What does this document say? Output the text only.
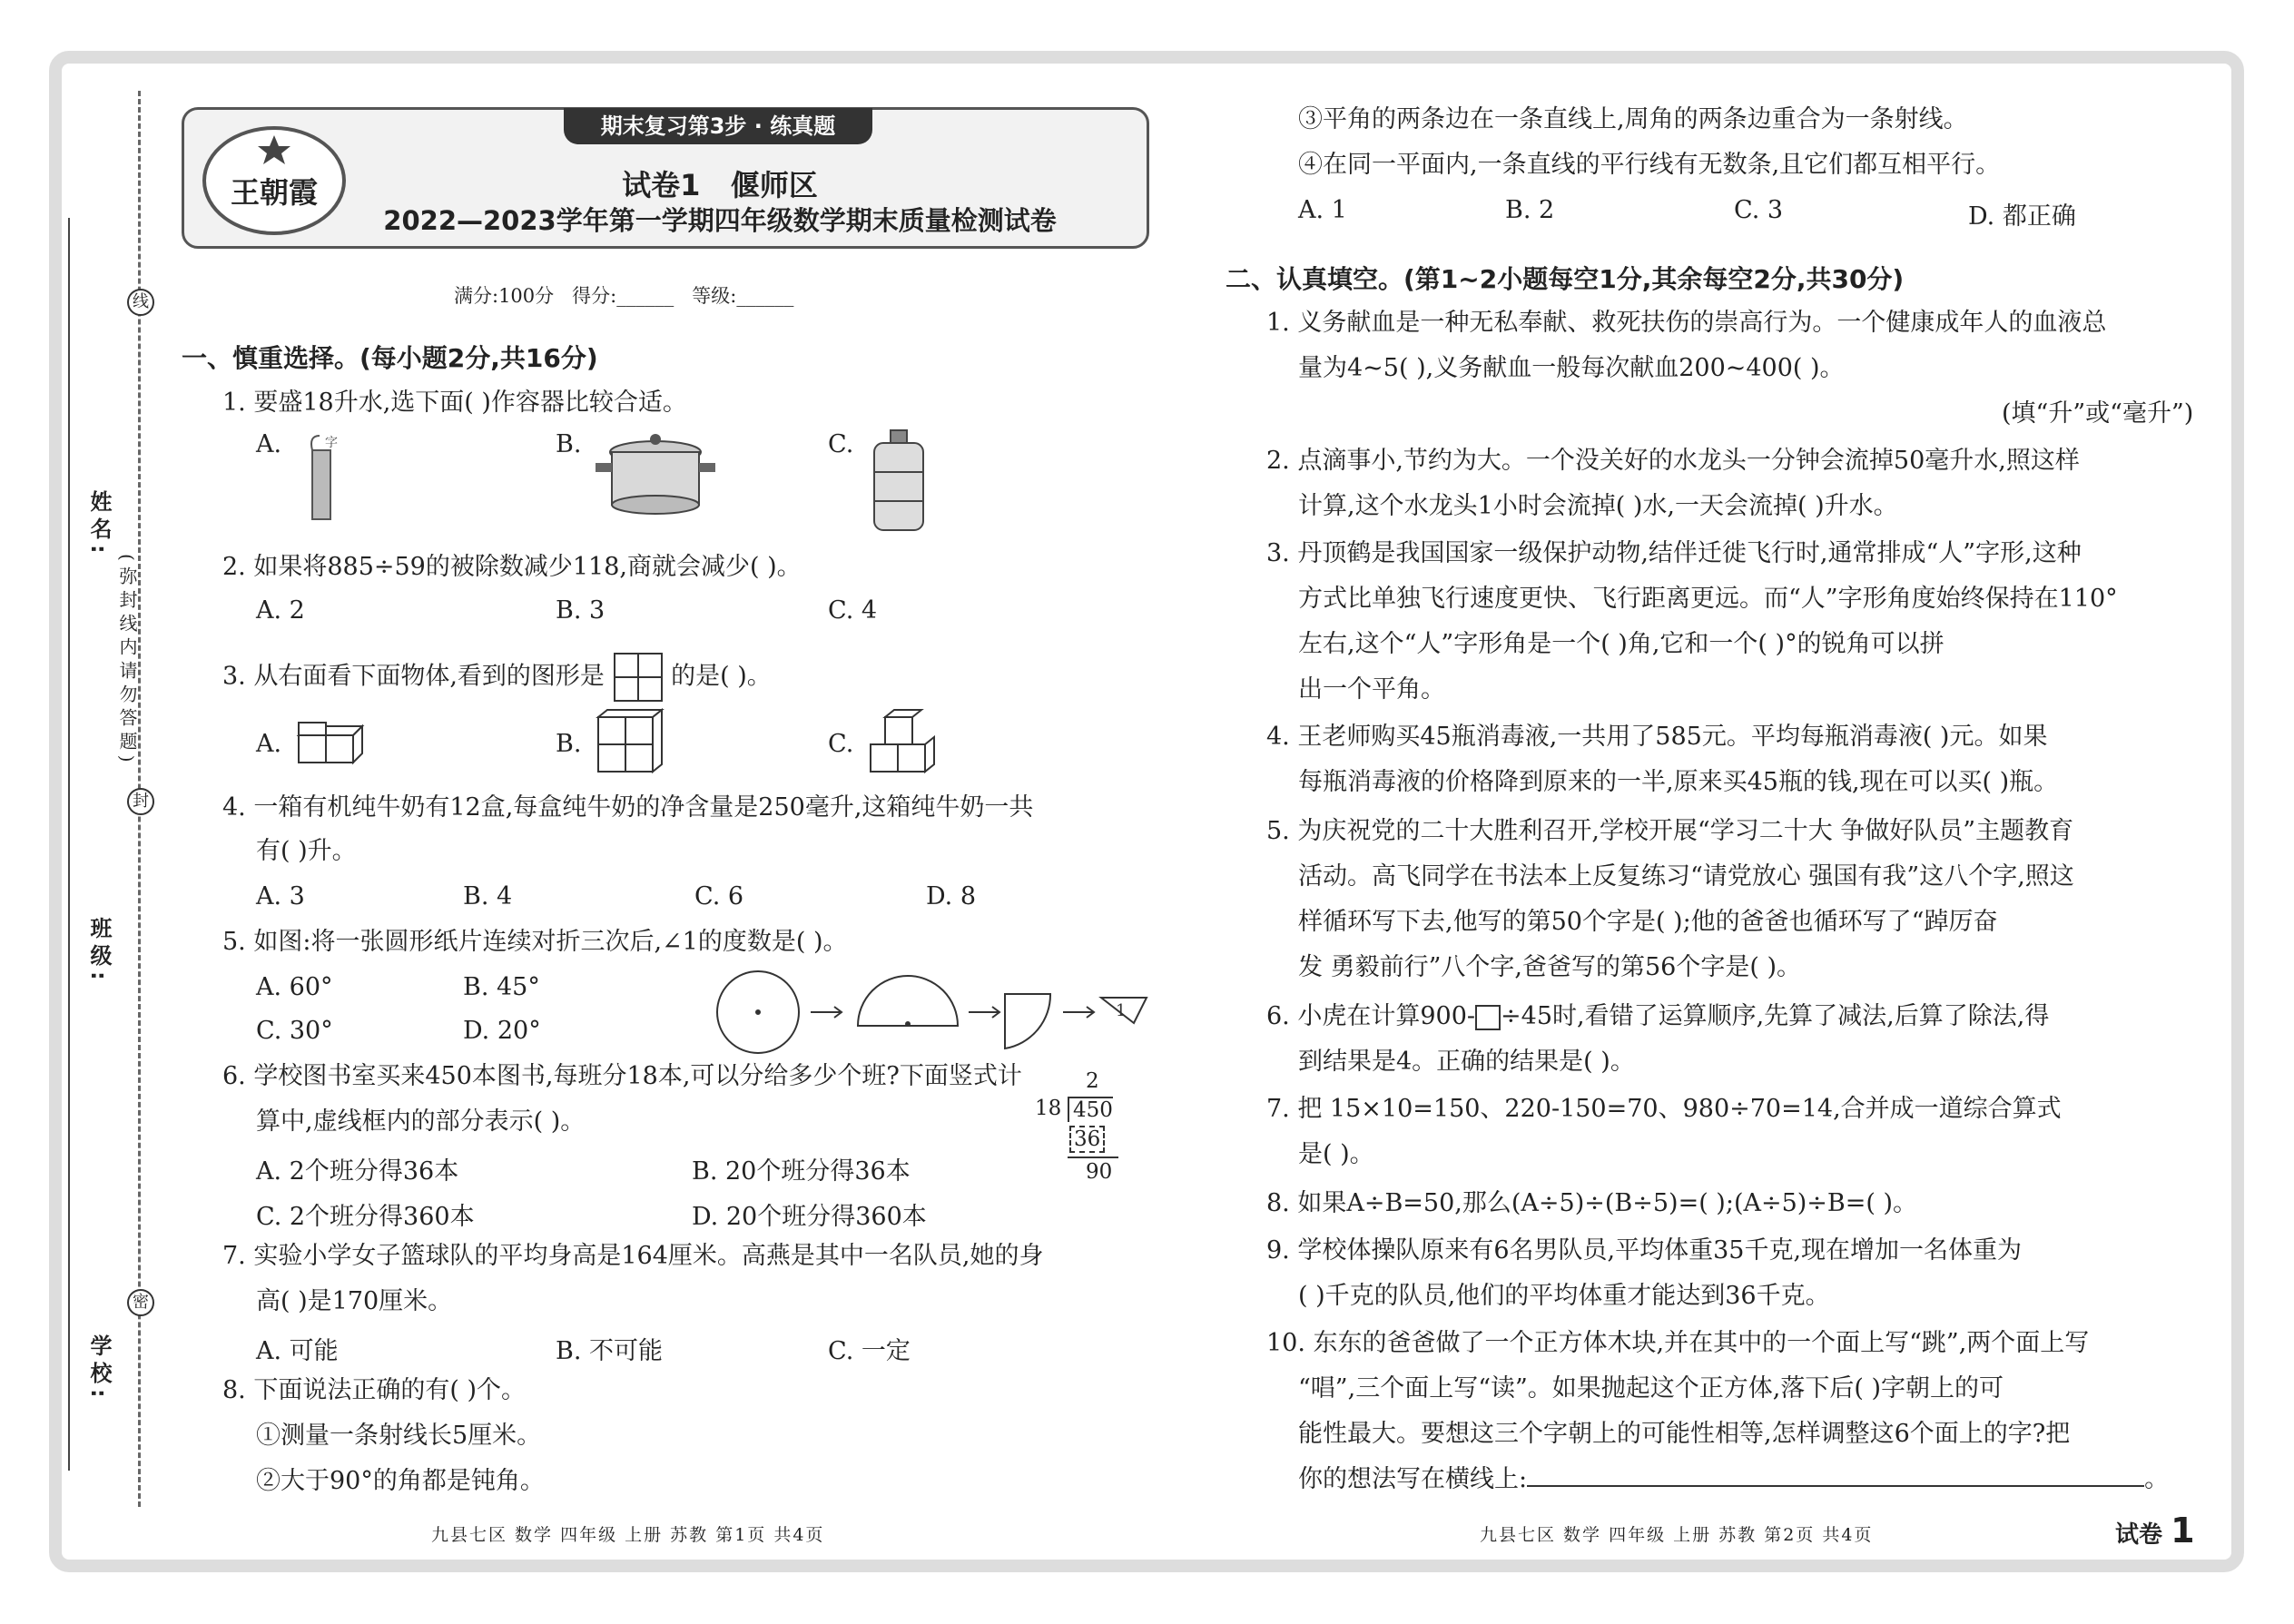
线
封
密
姓名:
班级:
学校:
(弥封线内请勿答题)
期末复习第3步 · 练真题
王朝霞	试卷1   偃师区
2022—2023学年第一学期四年级数学期末质量检测试卷
满分:100分   得分:______   等级:______
一、慎重选择。(每小题2分,共16分)
1. 要盛18升水,选下面( )作容器比较合适。
A.	字	B.	C.
2. 如果将885÷59的被除数减少118,商就会减少( )。
A. 2	B. 3	C. 4
3. 从右面看下面物体,看到的图形是	的是( )。
A.	B.	C.
4. 一箱有机纯牛奶有12盒,每盒纯牛奶的净含量是250毫升,这箱纯牛奶一共
有( )升。
A. 3	B. 4	C. 6	D. 8
5. 如图:将一张圆形纸片连续对折三次后,∠1的度数是( )。
A. 60°	B. 45°
C. 30°	D. 20°
1
6. 学校图书室买来450本图书,每班分18本,可以分给多少个班?下面竖式计
算中,虚线框内的部分表示( )。
A. 2个班分得36本	B. 20个班分得36本
C. 2个班分得360本	D. 20个班分得360本
2
18 450
36
90
7. 实验小学女子篮球队的平均身高是164厘米。高燕是其中一名队员,她的身
高( )是170厘米。
A. 可能	B. 不可能	C. 一定
8. 下面说法正确的有( )个。
①测量一条射线长5厘米。
②大于90°的角都是钝角。
九县七区 数学 四年级 上册 苏教 第1页 共4页
③平角的两条边在一条直线上,周角的两条边重合为一条射线。
④在同一平面内,一条直线的平行线有无数条,且它们都互相平行。
A. 1	B. 2	C. 3	D. 都正确
二、认真填空。(第1~2小题每空1分,其余每空2分,共30分)
1. 义务献血是一种无私奉献、救死扶伤的崇高行为。一个健康成年人的血液总
量为4~5( ),义务献血一般每次献血200~400( )。
(填“升”或“毫升”)
2. 点滴事小,节约为大。一个没关好的水龙头一分钟会流掉50毫升水,照这样
计算,这个水龙头1小时会流掉( )水,一天会流掉( )升水。
3. 丹顶鹤是我国国家一级保护动物,结伴迁徙飞行时,通常排成“人”字形,这种
方式比单独飞行速度更快、飞行距离更远。而“人”字形角度始终保持在110°
左右,这个“人”字形角是一个( )角,它和一个( )°的锐角可以拼
出一个平角。
4. 王老师购买45瓶消毒液,一共用了585元。平均每瓶消毒液( )元。如果
每瓶消毒液的价格降到原来的一半,原来买45瓶的钱,现在可以买( )瓶。
5. 为庆祝党的二十大胜利召开,学校开展“学习二十大 争做好队员”主题教育
活动。高飞同学在书法本上反复练习“请党放心 强国有我”这八个字,照这
样循环写下去,他写的第50个字是( );他的爸爸也循环写了“踔厉奋
发 勇毅前行”八个字,爸爸写的第56个字是( )。
6. 小虎在计算900- ÷45时,看错了运算顺序,先算了减法,后算了除法,得
到结果是4。正确的结果是( )。
7. 把 15×10=150、220-150=70、980÷70=14,合并成一道综合算式
是( )。
8. 如果A÷B=50,那么(A÷5)÷(B÷5)=( );(A÷5)÷B=( )。
9. 学校体操队原来有6名男队员,平均体重35千克,现在增加一名体重为
( )千克的队员,他们的平均体重才能达到36千克。
10. 东东的爸爸做了一个正方体木块,并在其中的一个面上写“跳”,两个面上写
“唱”,三个面上写“读”。如果抛起这个正方体,落下后( )字朝上的可
能性最大。要想这三个字朝上的可能性相等,怎样调整这6个面上的字?把
你的想法写在横线上:	。
九县七区 数学 四年级 上册 苏教 第2页 共4页	试卷 1
